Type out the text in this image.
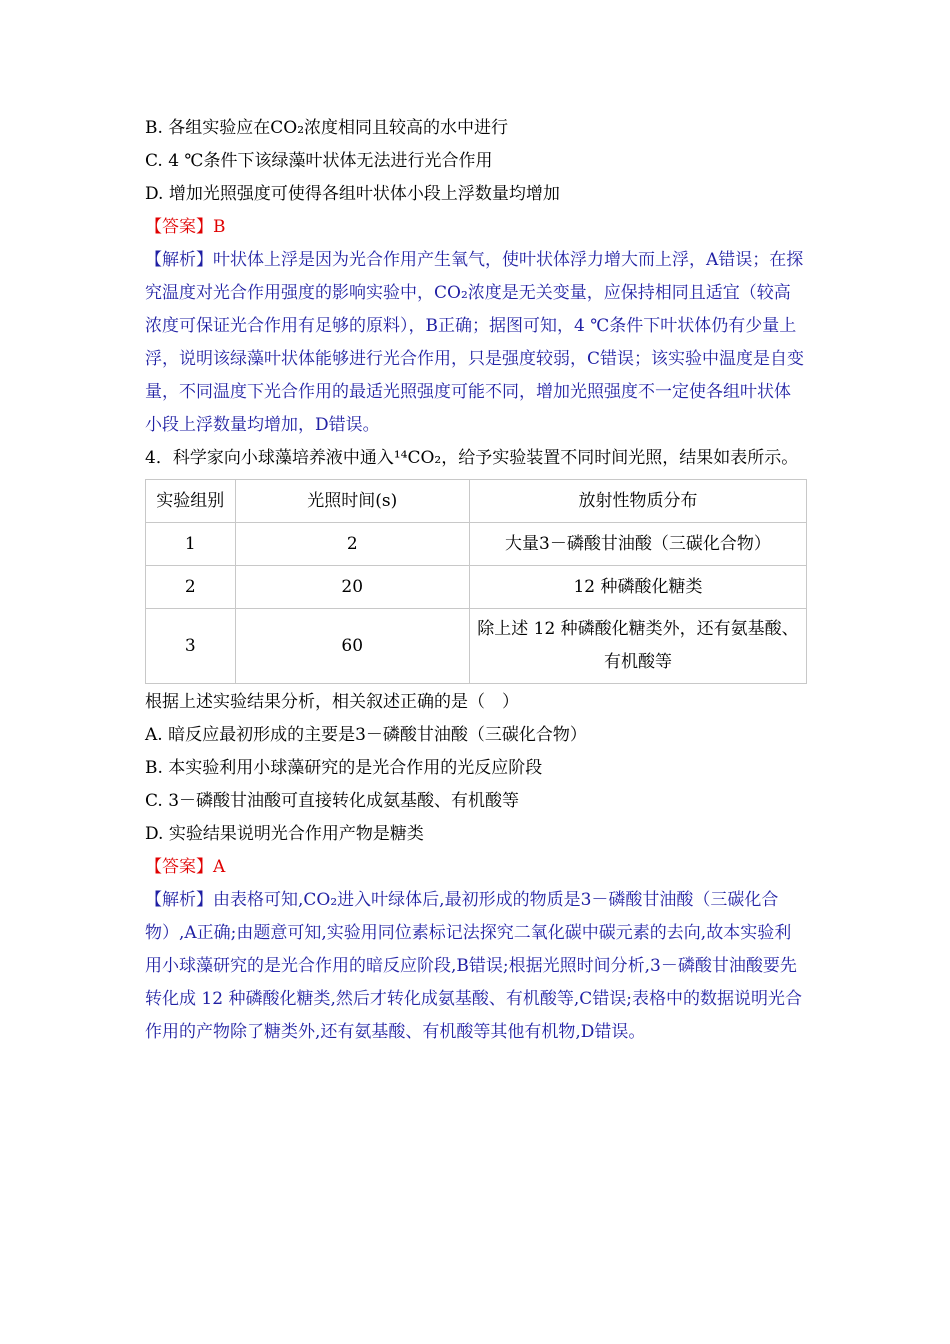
B. 各组实验应在CO₂浓度相同且较高的水中进行

C. 4 ℃条件下该绿藻叶状体无法进行光合作用

D. 增加光照强度可使得各组叶状体小段上浮数量均增加

【答案】B

【解析】叶状体上浮是因为光合作用产生氧气，使叶状体浮力增大而上浮，A错误；在探究温度对光合作用强度的影响实验中，CO₂浓度是无关变量，应保持相同且适宜（较高浓度可保证光合作用有足够的原料），B正确；据图可知，4 ℃条件下叶状体仍有少量上浮，说明该绿藻叶状体能够进行光合作用，只是强度较弱，C错误；该实验中温度是自变量，不同温度下光合作用的最适光照强度可能不同，增加光照强度不一定使各组叶状体小段上浮数量均增加，D错误。

4．科学家向小球藻培养液中通入¹⁴CO₂，给予实验装置不同时间光照，结果如表所示。

实验组别	光照时间(s)	放射性物质分布
1	2	大量3－磷酸甘油酸（三碳化合物）
2	20	12 种磷酸化糖类
3	60	除上述 12 种磷酸化糖类外，还有氨基酸、有机酸等

根据上述实验结果分析，相关叙述正确的是（　）

A. 暗反应最初形成的主要是3－磷酸甘油酸（三碳化合物）

B. 本实验利用小球藻研究的是光合作用的光反应阶段

C. 3－磷酸甘油酸可直接转化成氨基酸、有机酸等

D. 实验结果说明光合作用产物是糖类

【答案】A

【解析】由表格可知,CO₂进入叶绿体后,最初形成的物质是3－磷酸甘油酸（三碳化合物）,A正确;由题意可知,实验用同位素标记法探究二氧化碳中碳元素的去向,故本实验利用小球藻研究的是光合作用的暗反应阶段,B错误;根据光照时间分析,3－磷酸甘油酸要先转化成 12 种磷酸化糖类,然后才转化成氨基酸、有机酸等,C错误;表格中的数据说明光合作用的产物除了糖类外,还有氨基酸、有机酸等其他有机物,D错误。
